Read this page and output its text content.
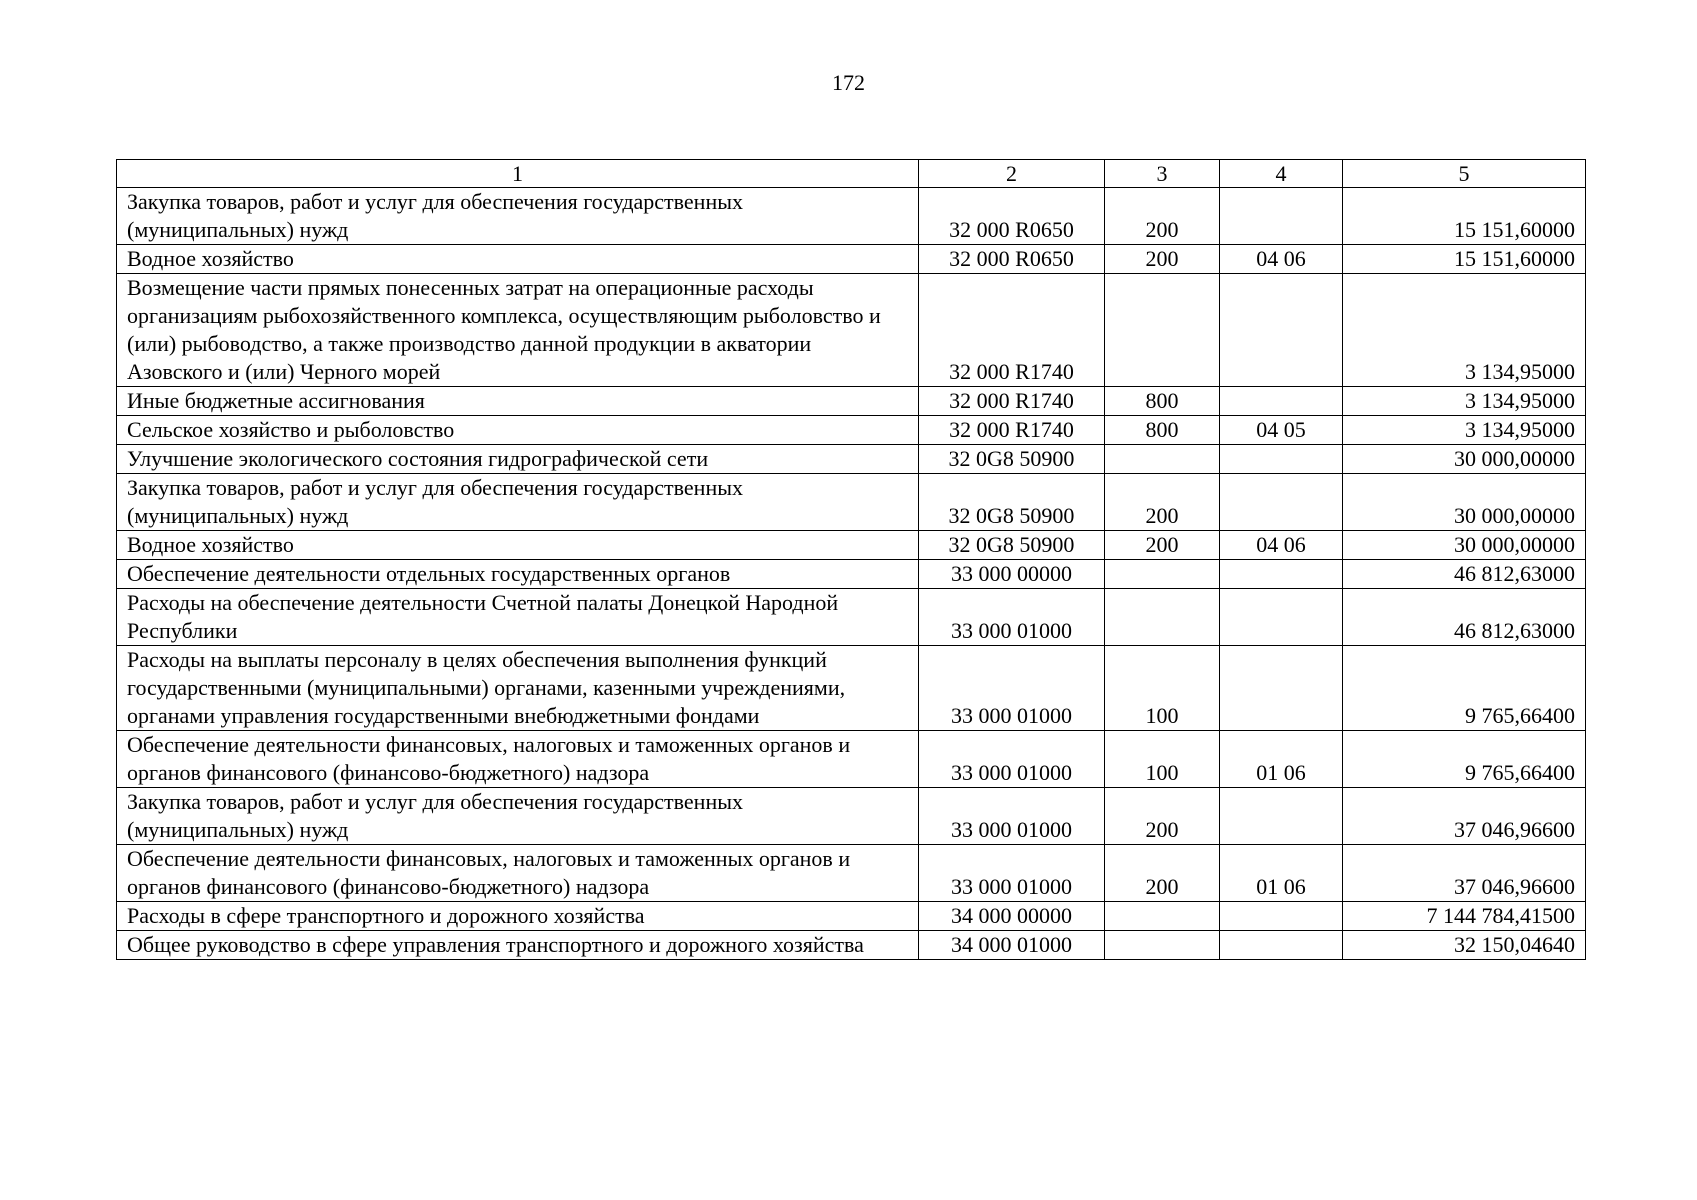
172
1	2	3	4	5
Закупка товаров, работ и услуг для обеспечения государственных (муниципальных) нужд	32 000 R0650	200		15 151,60000
Водное хозяйство	32 000 R0650	200	04 06	15 151,60000
Возмещение части прямых понесенных затрат на операционные расходы организациям рыбохозяйственного комплекса, осуществляющим рыболовство и (или) рыбоводство, а также производство данной продукции в акватории Азовского и (или) Черного морей	32 000 R1740			3 134,95000
Иные бюджетные ассигнования	32 000 R1740	800		3 134,95000
Сельское хозяйство и рыболовство	32 000 R1740	800	04 05	3 134,95000
Улучшение экологического состояния гидрографической сети	32 0G8 50900			30 000,00000
Закупка товаров, работ и услуг для обеспечения государственных (муниципальных) нужд	32 0G8 50900	200		30 000,00000
Водное хозяйство	32 0G8 50900	200	04 06	30 000,00000
Обеспечение деятельности отдельных государственных органов	33 000 00000			46 812,63000
Расходы на обеспечение деятельности Счетной палаты Донецкой Народной Республики	33 000 01000			46 812,63000
Расходы на выплаты персоналу в целях обеспечения выполнения функций государственными (муниципальными) органами, казенными учреждениями, органами управления государственными внебюджетными фондами	33 000 01000	100		9 765,66400
Обеспечение деятельности финансовых, налоговых и таможенных органов и органов финансового (финансово-бюджетного) надзора	33 000 01000	100	01 06	9 765,66400
Закупка товаров, работ и услуг для обеспечения государственных (муниципальных) нужд	33 000 01000	200		37 046,96600
Обеспечение деятельности финансовых, налоговых и таможенных органов и органов финансового (финансово-бюджетного) надзора	33 000 01000	200	01 06	37 046,96600
Расходы в сфере транспортного и дорожного хозяйства	34 000 00000			7 144 784,41500
Общее руководство в сфере управления транспортного и дорожного хозяйства	34 000 01000			32 150,04640
